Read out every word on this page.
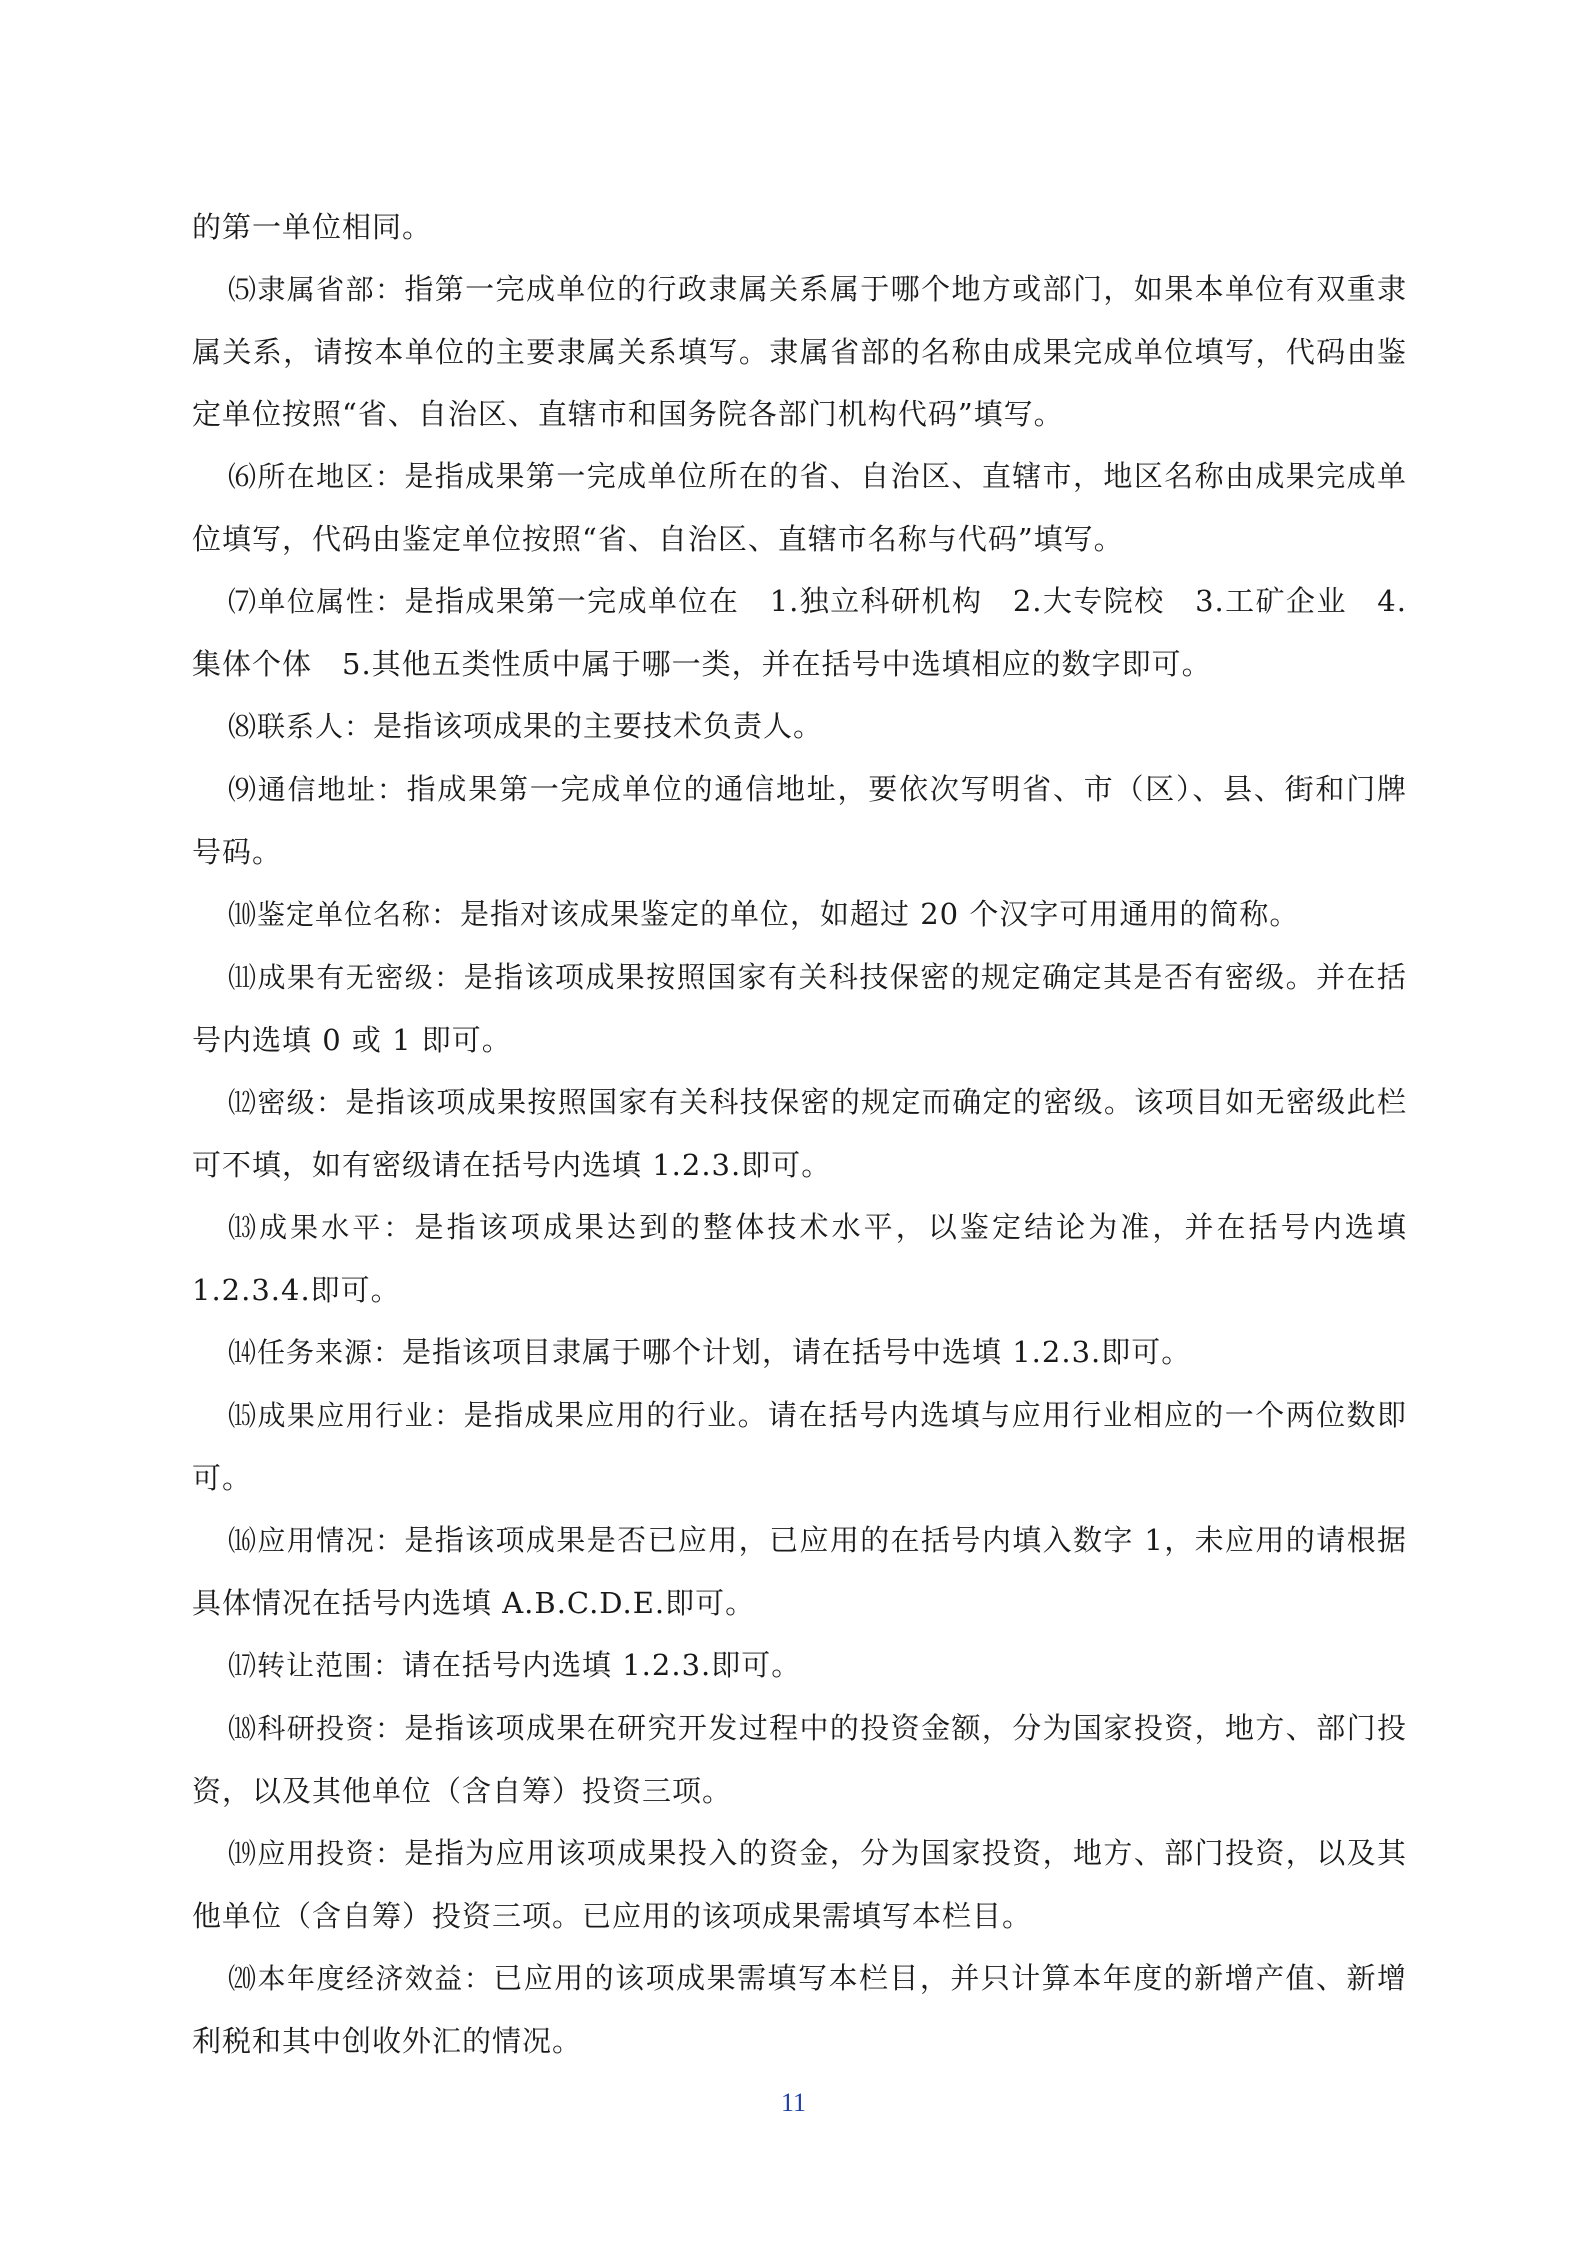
的第一单位相同。

⑸隶属省部：指第一完成单位的行政隶属关系属于哪个地方或部门，如果本单位有双重隶属关系，请按本单位的主要隶属关系填写。隶属省部的名称由成果完成单位填写，代码由鉴定单位按照“省、自治区、直辖市和国务院各部门机构代码”填写。

⑹所在地区：是指成果第一完成单位所在的省、自治区、直辖市，地区名称由成果完成单位填写，代码由鉴定单位按照“省、自治区、直辖市名称与代码”填写。

⑺单位属性：是指成果第一完成单位在　1.独立科研机构　2.大专院校　3.工矿企业　4.集体个体　5.其他五类性质中属于哪一类，并在括号中选填相应的数字即可。

⑻联系人：是指该项成果的主要技术负责人。

⑼通信地址：指成果第一完成单位的通信地址，要依次写明省、市（区）、县、街和门牌号码。

⑽鉴定单位名称：是指对该成果鉴定的单位，如超过 20 个汉字可用通用的简称。

⑾成果有无密级：是指该项成果按照国家有关科技保密的规定确定其是否有密级。并在括号内选填 0 或 1 即可。

⑿密级：是指该项成果按照国家有关科技保密的规定而确定的密级。该项目如无密级此栏可不填，如有密级请在括号内选填 1.2.3.即可。

⒀成果水平：是指该项成果达到的整体技术水平，以鉴定结论为准，并在括号内选填 1.2.3.4.即可。

⒁任务来源：是指该项目隶属于哪个计划，请在括号中选填 1.2.3.即可。

⒂成果应用行业：是指成果应用的行业。请在括号内选填与应用行业相应的一个两位数即可。

⒃应用情况：是指该项成果是否已应用，已应用的在括号内填入数字 1，未应用的请根据具体情况在括号内选填 A.B.C.D.E.即可。

⒄转让范围：请在括号内选填 1.2.3.即可。

⒅科研投资：是指该项成果在研究开发过程中的投资金额，分为国家投资，地方、部门投资，以及其他单位（含自筹）投资三项。

⒆应用投资：是指为应用该项成果投入的资金，分为国家投资，地方、部门投资，以及其他单位（含自筹）投资三项。已应用的该项成果需填写本栏目。

⒇本年度经济效益：已应用的该项成果需填写本栏目，并只计算本年度的新增产值、新增利税和其中创收外汇的情况。

11
